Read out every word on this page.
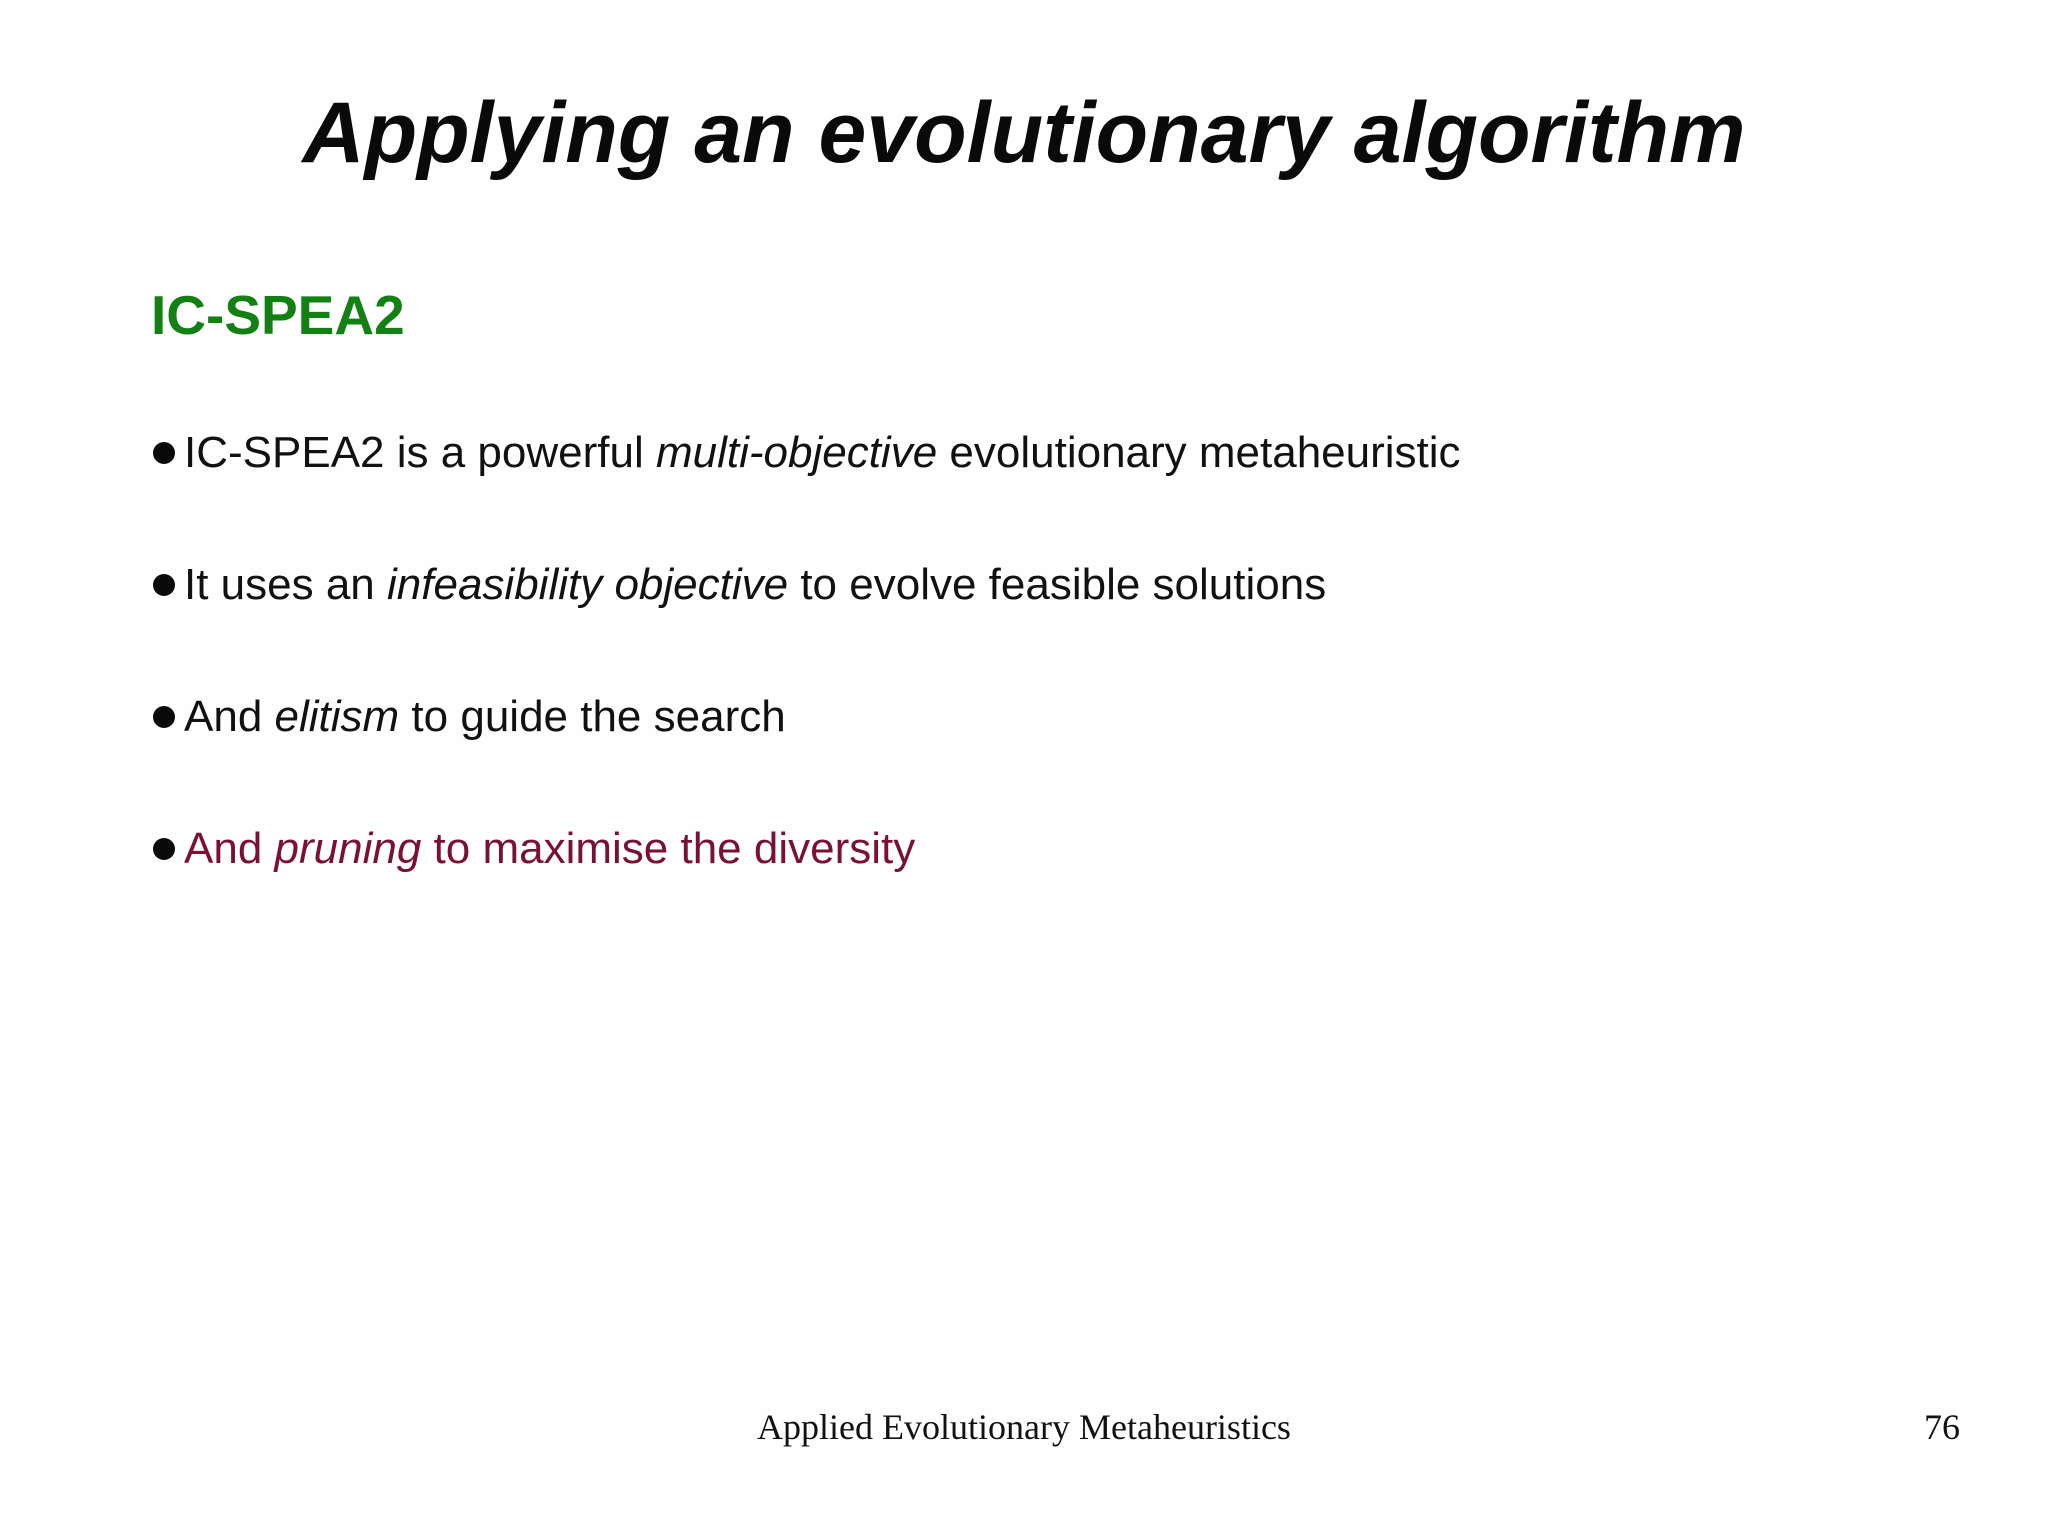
Applying an evolutionary algorithm
IC-SPEA2
IC-SPEA2 is a powerful multi-objective evolutionary metaheuristic
It uses an infeasibility objective to evolve feasible solutions
And elitism to guide the search
And pruning to maximise the diversity
Applied Evolutionary Metaheuristics	76
